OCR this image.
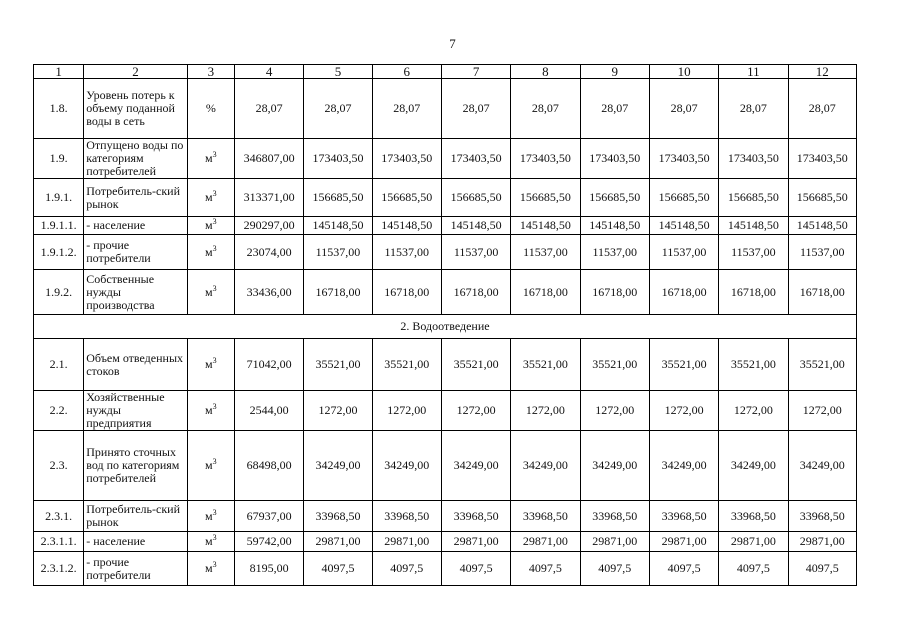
7
1	2	3	4	5	6	7	8	9	10	11	12
1.8.	Уровень потерь к объему поданной воды в сеть	%	28,07	28,07	28,07	28,07	28,07	28,07	28,07	28,07	28,07
1.9.	Отпущено воды по категориям потребителей	$м^3$	346807,00	173403,50	173403,50	173403,50	173403,50	173403,50	173403,50	173403,50	173403,50
1.9.1.	Потребитель-ский рынок	$м^3$	313371,00	156685,50	156685,50	156685,50	156685,50	156685,50	156685,50	156685,50	156685,50
1.9.1.1.	- население	$м^3$	290297,00	145148,50	145148,50	145148,50	145148,50	145148,50	145148,50	145148,50	145148,50
1.9.1.2.	- прочие потребители	$м^3$	23074,00	11537,00	11537,00	11537,00	11537,00	11537,00	11537,00	11537,00	11537,00
1.9.2.	Собственные нужды производства	$м^3$	33436,00	16718,00	16718,00	16718,00	16718,00	16718,00	16718,00	16718,00	16718,00
2. Водоотведение											
2.1.	Объем отведенных стоков	$м^3$	71042,00	35521,00	35521,00	35521,00	35521,00	35521,00	35521,00	35521,00	35521,00
2.2.	Хозяйственные нужды предприятия	$м^3$	2544,00	1272,00	1272,00	1272,00	1272,00	1272,00	1272,00	1272,00	1272,00
2.3.	Принято сточных вод по категориям потребителей	$м^3$	68498,00	34249,00	34249,00	34249,00	34249,00	34249,00	34249,00	34249,00	34249,00
2.3.1.	Потребитель-ский рынок	$м^3$	67937,00	33968,50	33968,50	33968,50	33968,50	33968,50	33968,50	33968,50	33968,50
2.3.1.1.	- население	$м^3$	59742,00	29871,00	29871,00	29871,00	29871,00	29871,00	29871,00	29871,00	29871,00
2.3.1.2.	- прочие потребители	$м^3$	8195,00	4097,5	4097,5	4097,5	4097,5	4097,5	4097,5	4097,5	4097,5
